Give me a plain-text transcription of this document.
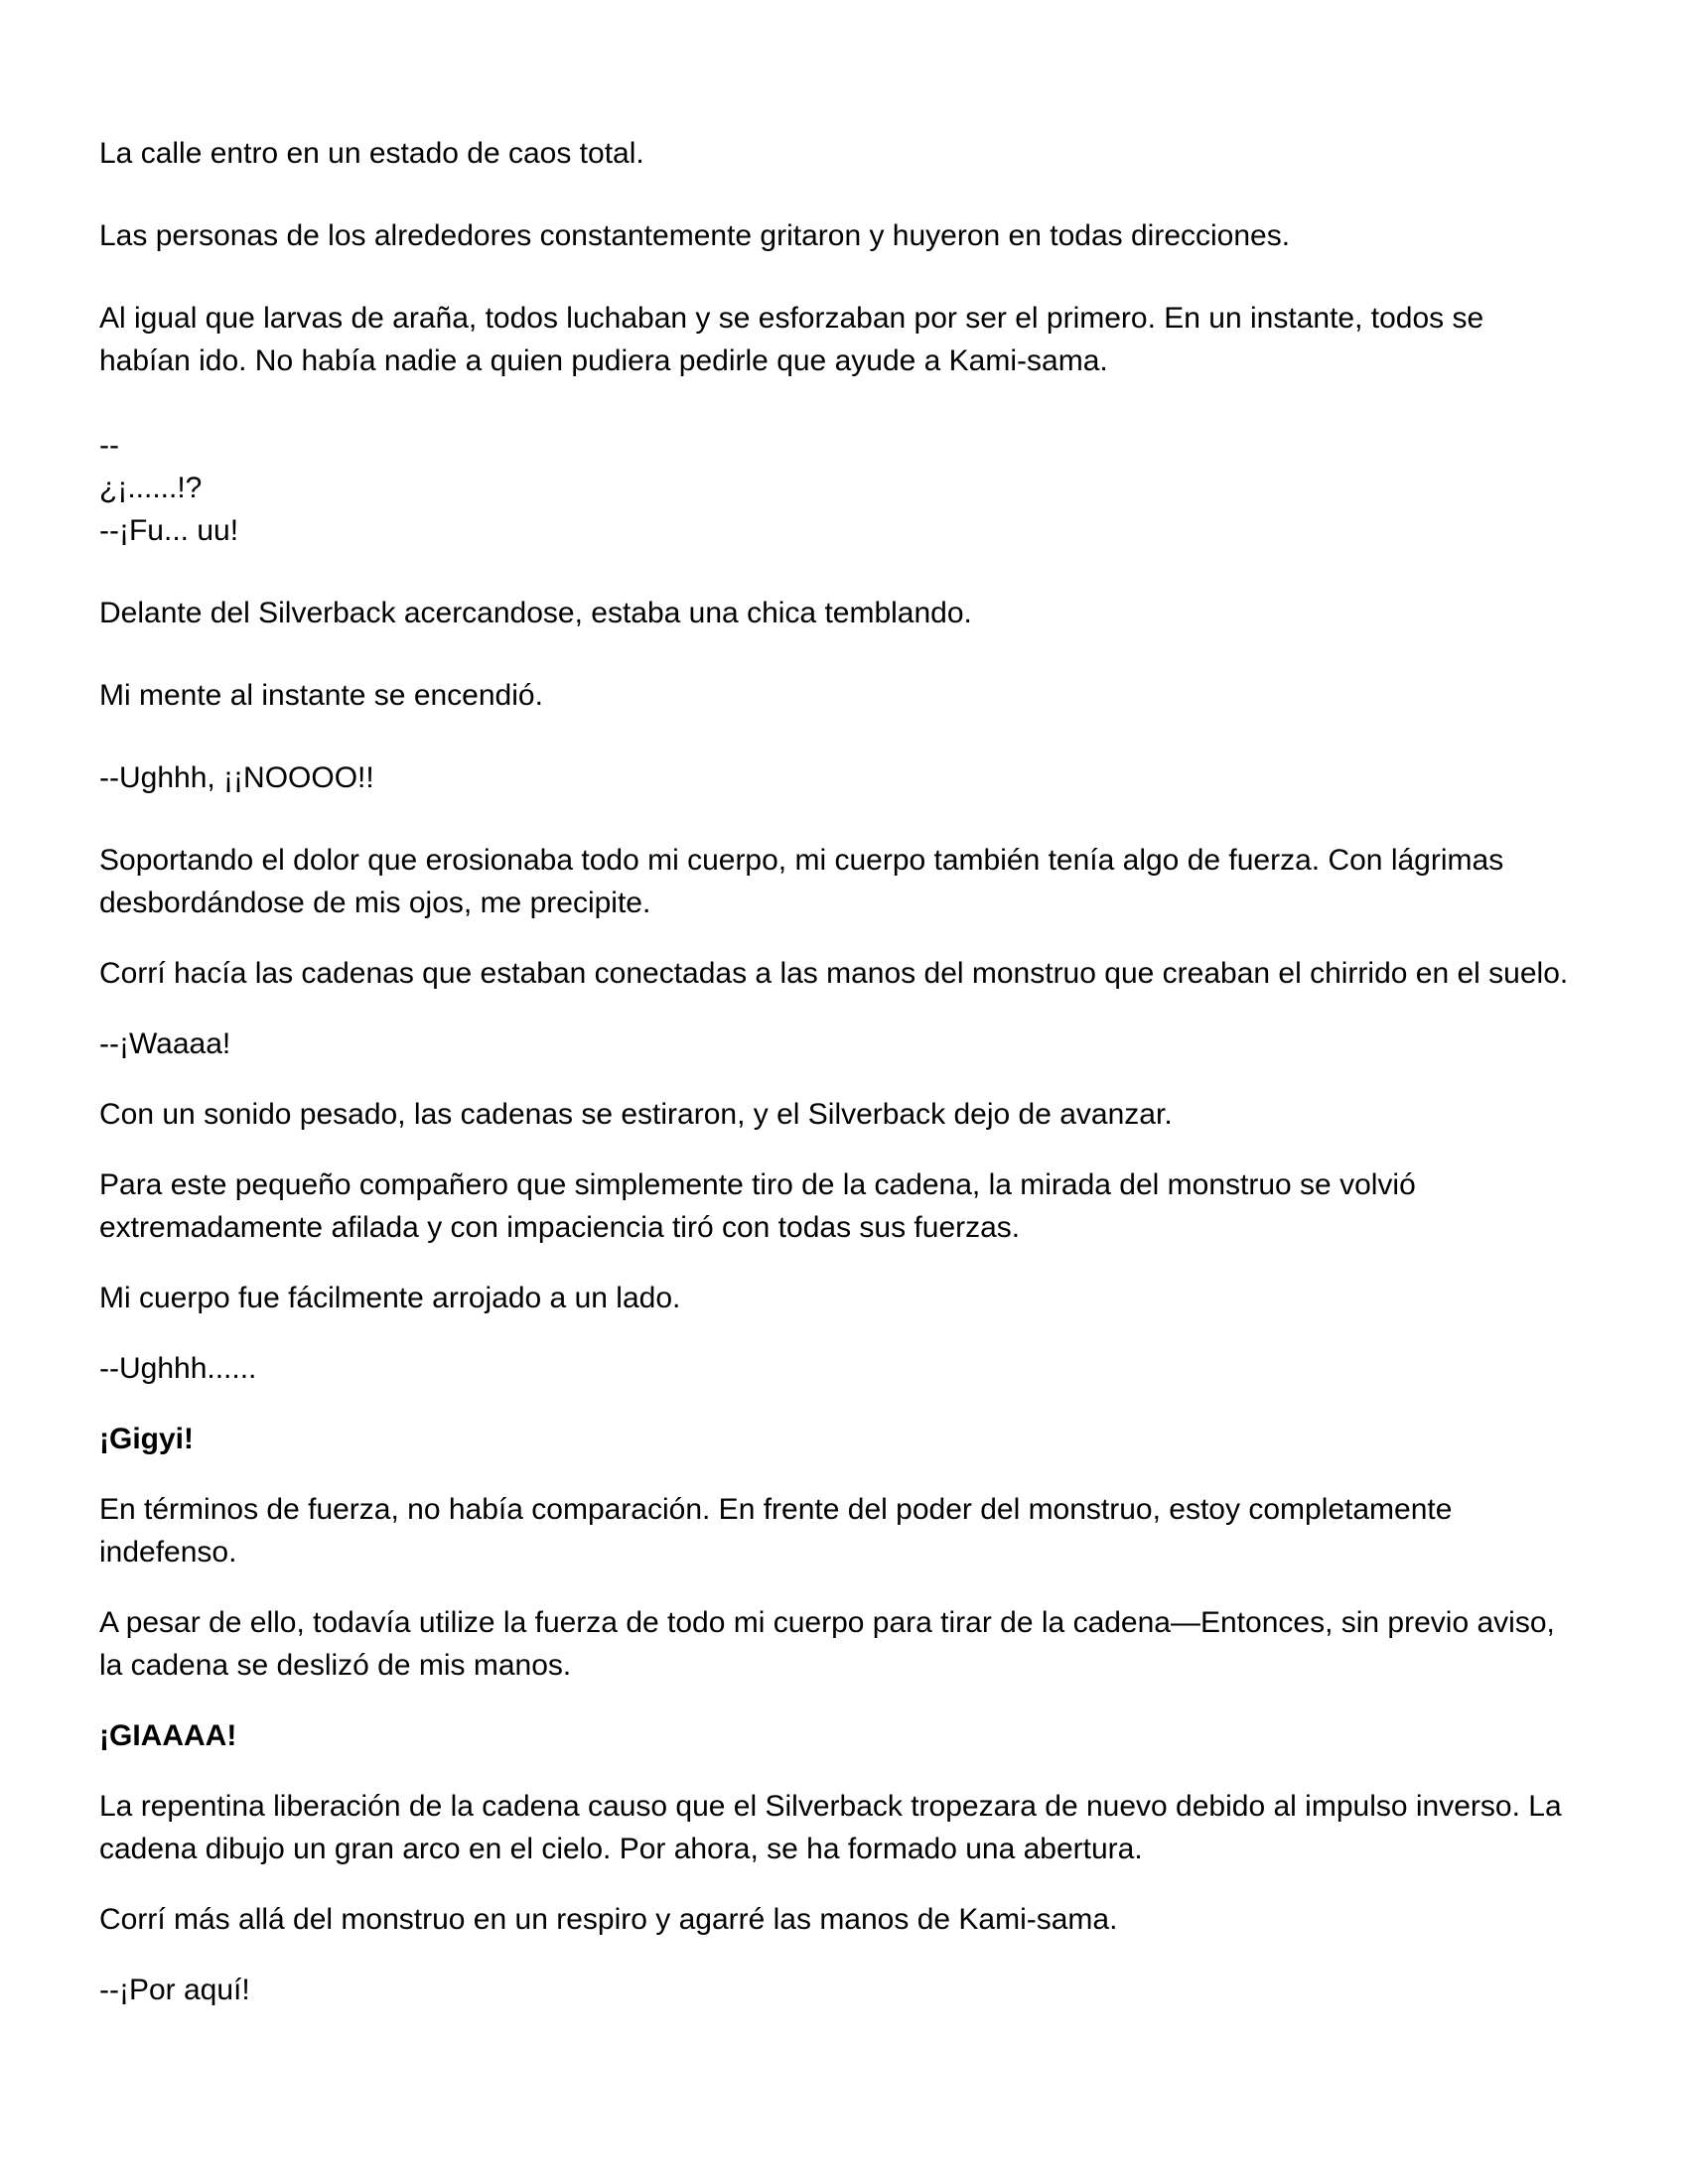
La calle entro en un estado de caos total.

Las personas de los alrededores constantemente gritaron y huyeron en todas direcciones.

Al igual que larvas de araña, todos luchaban y se esforzaban por ser el primero. En un instante, todos se habían ido. No había nadie a quien pudiera pedirle que ayude a Kami-sama.

--
¿¡......!?
--¡Fu... uu!

Delante del Silverback acercandose, estaba una chica temblando.

Mi mente al instante se encendió.

--Ughhh, ¡¡NOOOO!!

Soportando el dolor que erosionaba todo mi cuerpo, mi cuerpo también tenía algo de fuerza. Con lágrimas desbordándose de mis ojos, me precipite.

Corrí hacía las cadenas que estaban conectadas a las manos del monstruo que creaban el chirrido en el suelo.

--¡Waaaa!

Con un sonido pesado, las cadenas se estiraron, y el Silverback dejo de avanzar.

Para este pequeño compañero que simplemente tiro de la cadena, la mirada del monstruo se volvió extremadamente afilada y con impaciencia tiró con todas sus fuerzas.

Mi cuerpo fue fácilmente arrojado a un lado.

--Ughhh......

¡Gigyi!

En términos de fuerza, no había comparación. En frente del poder del monstruo, estoy completamente indefenso.

A pesar de ello, todavía utilize la fuerza de todo mi cuerpo para tirar de la cadena—Entonces, sin previo aviso, la cadena se deslizó de mis manos.

¡GIAAAA!

La repentina liberación de la cadena causo que el Silverback tropezara de nuevo debido al impulso inverso. La cadena dibujo un gran arco en el cielo. Por ahora, se ha formado una abertura.

Corrí más allá del monstruo en un respiro y agarré las manos de Kami-sama.

--¡Por aquí!
